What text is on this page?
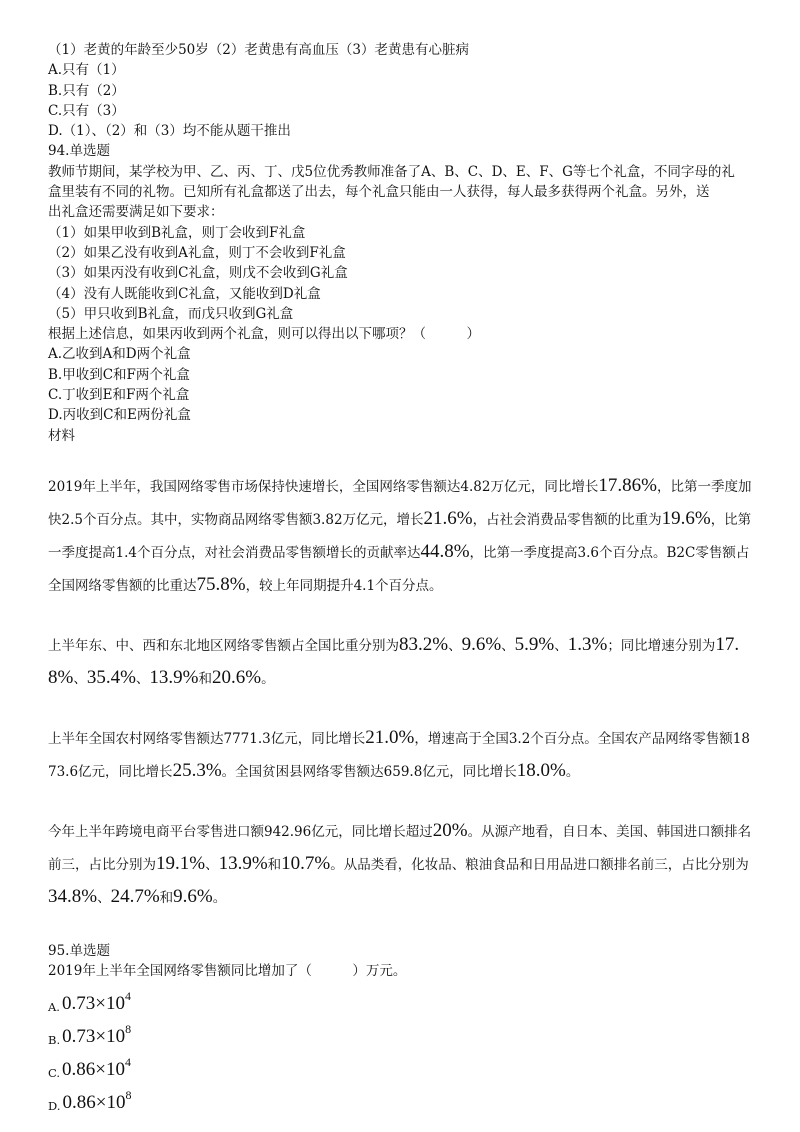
（1）老黄的年龄至少50岁（2）老黄患有高血压（3）老黄患有心脏病
A.只有（1）
B.只有（2）
C.只有（3）
D.（1）、（2）和（3）均不能从题干推出
94.单选题
教师节期间，某学校为甲、乙、丙、丁、戊5位优秀教师准备了A、B、C、D、E、F、G等七个礼盒，不同字母的礼
盒里装有不同的礼物。已知所有礼盒都送了出去，每个礼盒只能由一人获得，每人最多获得两个礼盒。另外，送
出礼盒还需要满足如下要求：
（1）如果甲收到B礼盒，则丁会收到F礼盒
（2）如果乙没有收到A礼盒，则丁不会收到F礼盒
（3）如果丙没有收到C礼盒，则戊不会收到G礼盒
（4）没有人既能收到C礼盒，又能收到D礼盒
（5）甲只收到B礼盒，而戊只收到G礼盒
根据上述信息，如果丙收到两个礼盒，则可以得出以下哪项？（　　　）
A.乙收到A和D两个礼盒
B.甲收到C和F两个礼盒
C.丁收到E和F两个礼盒
D.丙收到C和E两份礼盒
材料
2019年上半年，我国网络零售市场保持快速增长，全国网络零售额达4.82万亿元，同比增长17.86%，比第一季度加快2.5个百分点。其中，实物商品网络零售额3.82万亿元，增长21.6%，占社会消费品零售额的比重为19.6%，比第一季度提高1.4个百分点，对社会消费品零售额增长的贡献率达44.8%，比第一季度提高3.6个百分点。B2C零售额占全国网络零售额的比重达75.8%，较上年同期提升4.1个百分点。
上半年东、中、西和东北地区网络零售额占全国比重分别为83.2%、9.6%、5.9%、1.3%；同比增速分别为17.8%、35.4%、13.9%和20.6%。
上半年全国农村网络零售额达7771.3亿元，同比增长21.0%，增速高于全国3.2个百分点。全国农产品网络零售额1873.6亿元，同比增长25.3%。全国贫困县网络零售额达659.8亿元，同比增长18.0%。
今年上半年跨境电商平台零售进口额942.96亿元，同比增长超过20%。从源产地看，自日本、美国、韩国进口额排名前三，占比分别为19.1%、13.9%和10.7%。从品类看，化妆品、粮油食品和日用品进口额排名前三，占比分别为34.8%、24.7%和9.6%。
95.单选题
2019年上半年全国网络零售额同比增加了（　　　）万元。
A. $0.73\times 10^4$
B. $0.73\times 10^8$
C. $0.86\times 10^4$
D. $0.86\times 10^8$
